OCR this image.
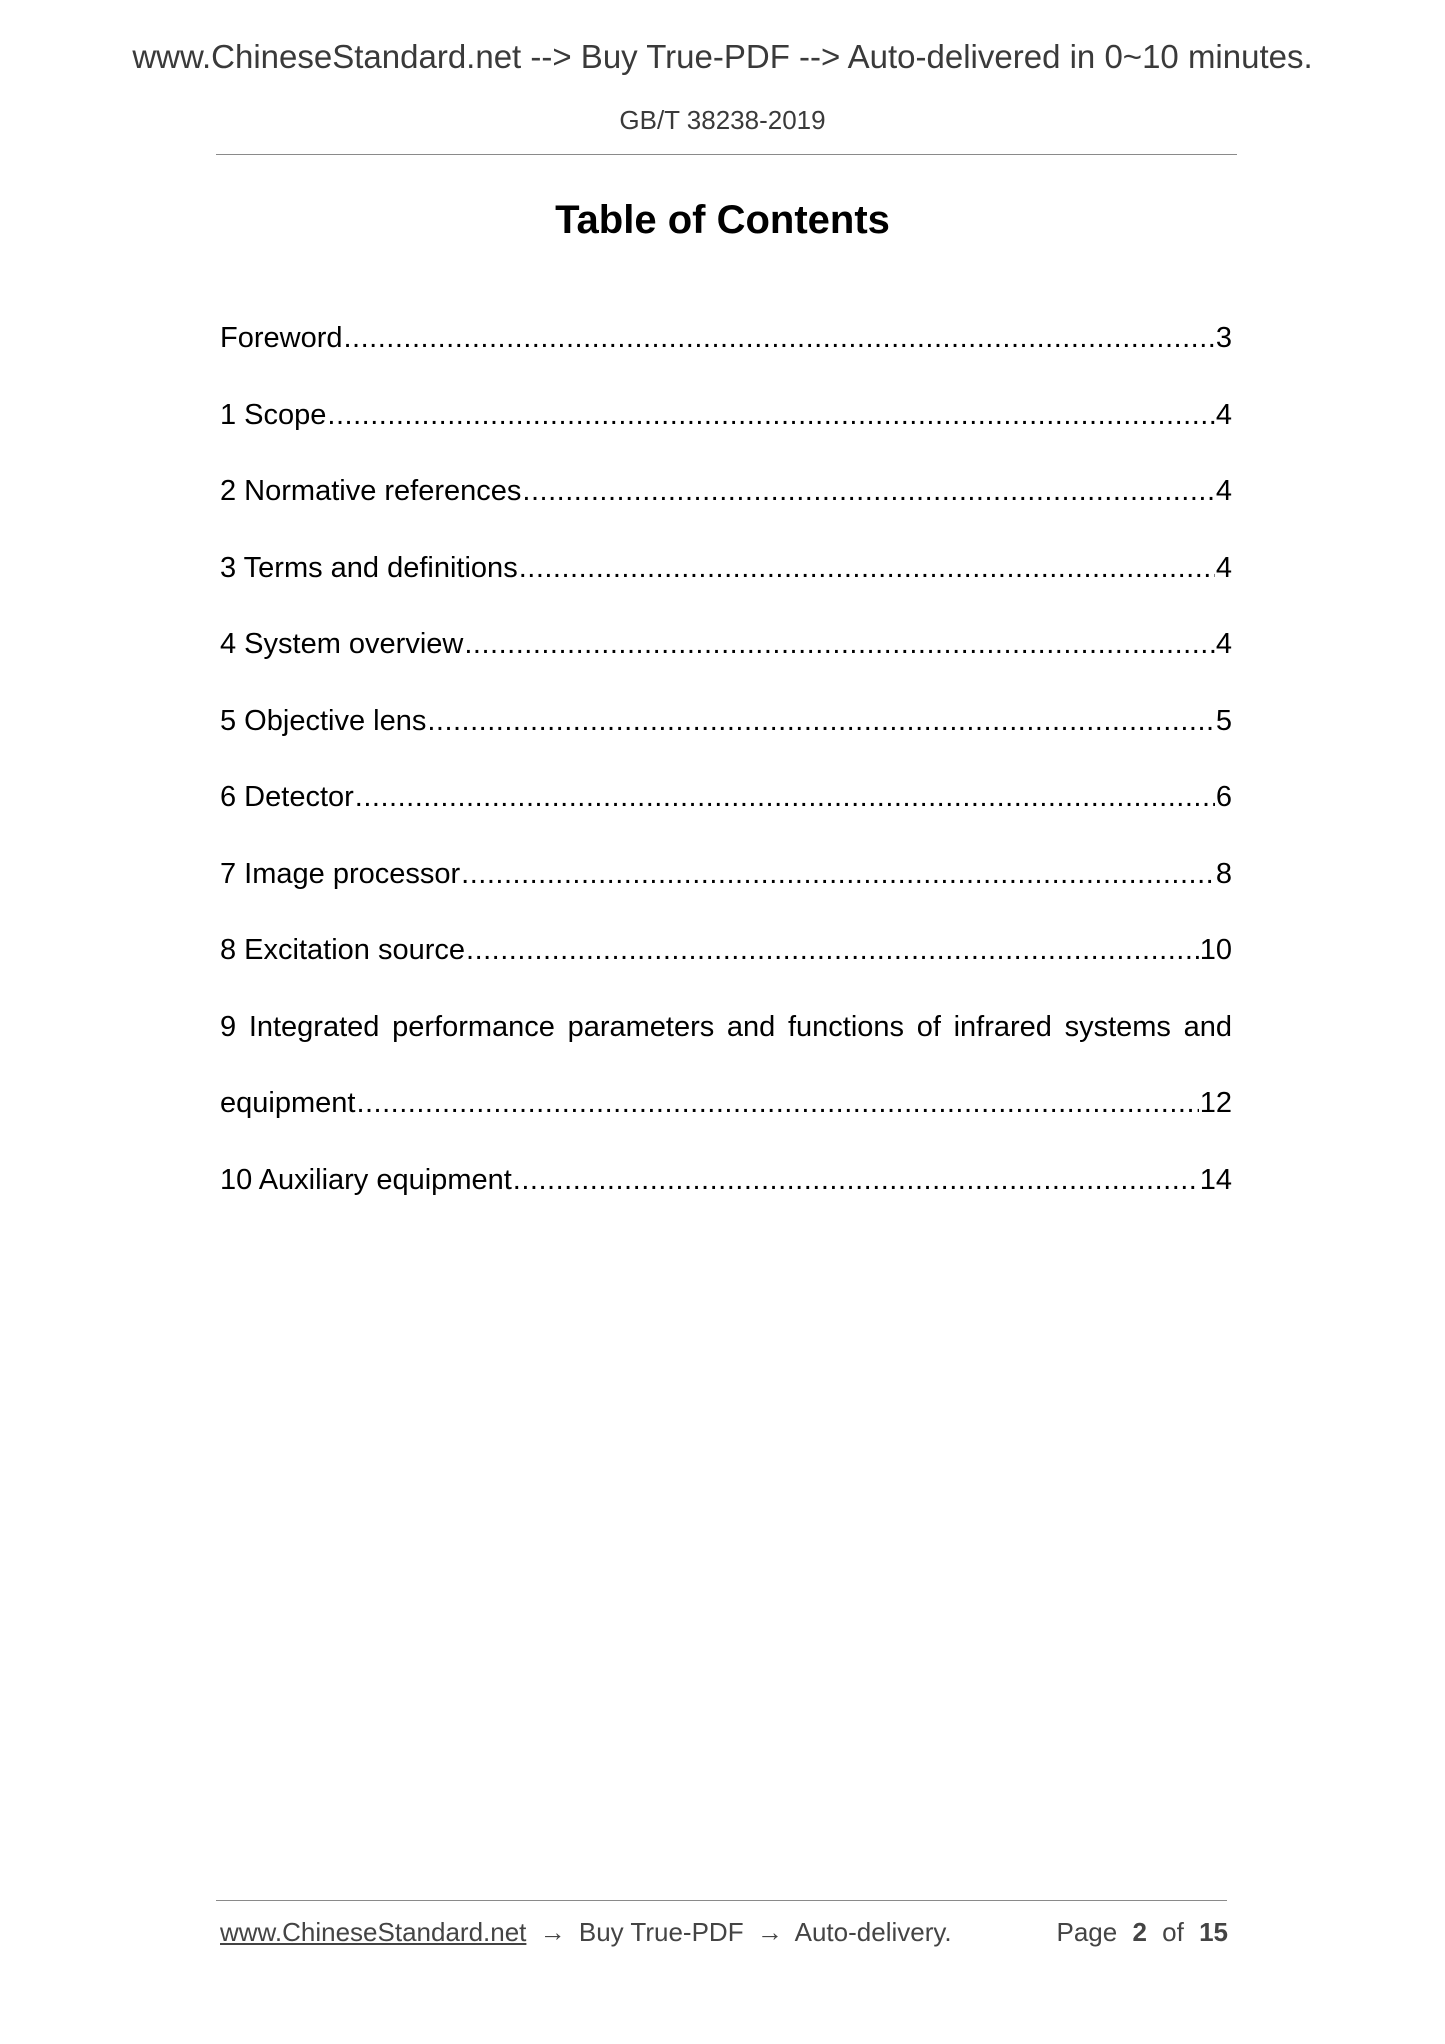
www.ChineseStandard.net --> Buy True-PDF --> Auto-delivered in 0~10 minutes.
GB/T 38238-2019
Table of Contents
Foreword .....	3
1 Scope .....	4
2 Normative references .....	4
3 Terms and definitions .....	4
4 System overview .....	4
5 Objective lens .....	5
6 Detector .....	6
7 Image processor .....	8
8 Excitation source .....	10
9 Integrated performance parameters and functions of infrared systems and
equipment .....	12
10 Auxiliary equipment .....	14
www.ChineseStandard.net → Buy True-PDF → Auto-delivery.	Page 2 of 15
